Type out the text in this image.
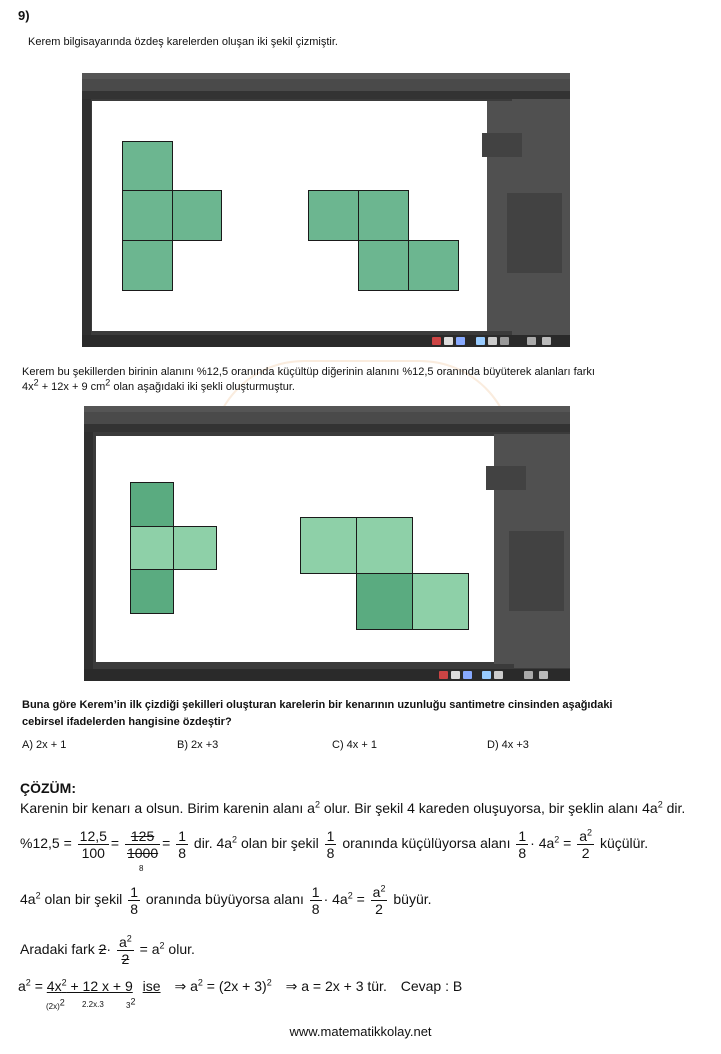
9)
Kerem bilgisayarında özdeş karelerden oluşan iki şekil çizmiştir.
Kerem bu şekillerden birinin alanını %12,5 oranında küçültüp diğerinin alanını %12,5 oranında büyüterek alanları farkı
$4x^2 + 12x + 9$ $cm^2$ olan aşağıdaki iki şekli oluşturmuştur.
Buna göre Kerem’in ilk çizdiği şekilleri oluşturan karelerin bir kenarının uzunluğu santimetre cinsinden aşağıdaki
cebirsel ifadelerden hangisine özdeştir?
A) 2x + 1	B) 2x +3	C) 4x + 1	D) 4x +3
ÇÖZÜM:
Karenin bir kenarı a olsun. Birim karenin alanı $a^2$ olur. Bir şekil 4 kareden oluşuyorsa, bir şeklin alanı $4a^2$ dir.
$\%12,5 = \frac{12,5}{100} = 125$
1000
8
= $\frac{1}{8}$ dir. $4a^2$ olan bir şekil $\frac{1}{8}$ oranında küçülüyorsa alanı $\frac{1}{8} \cdot 4a^2 = \frac{a^2}{2}$ küçülür.
$4a^2$ olan bir şekil $\frac{1}{8}$ oranında büyüyorsa alanı $\frac{1}{8} \cdot 4a^2 = \frac{a^2}{2}$ büyür.
Aradaki fark $2\cdot \frac{a^2}{2} = a^2$ olur.
$a^2 = 4x^2 + 12$ x + 9 ise ⇒ $a^2 = (2x + 3)^2$ ⇒ a = 2x + 3 tür. Cevap : B
$(2x)^2$ 2.2x.3	$3^2$
www.matematikkolay.net
